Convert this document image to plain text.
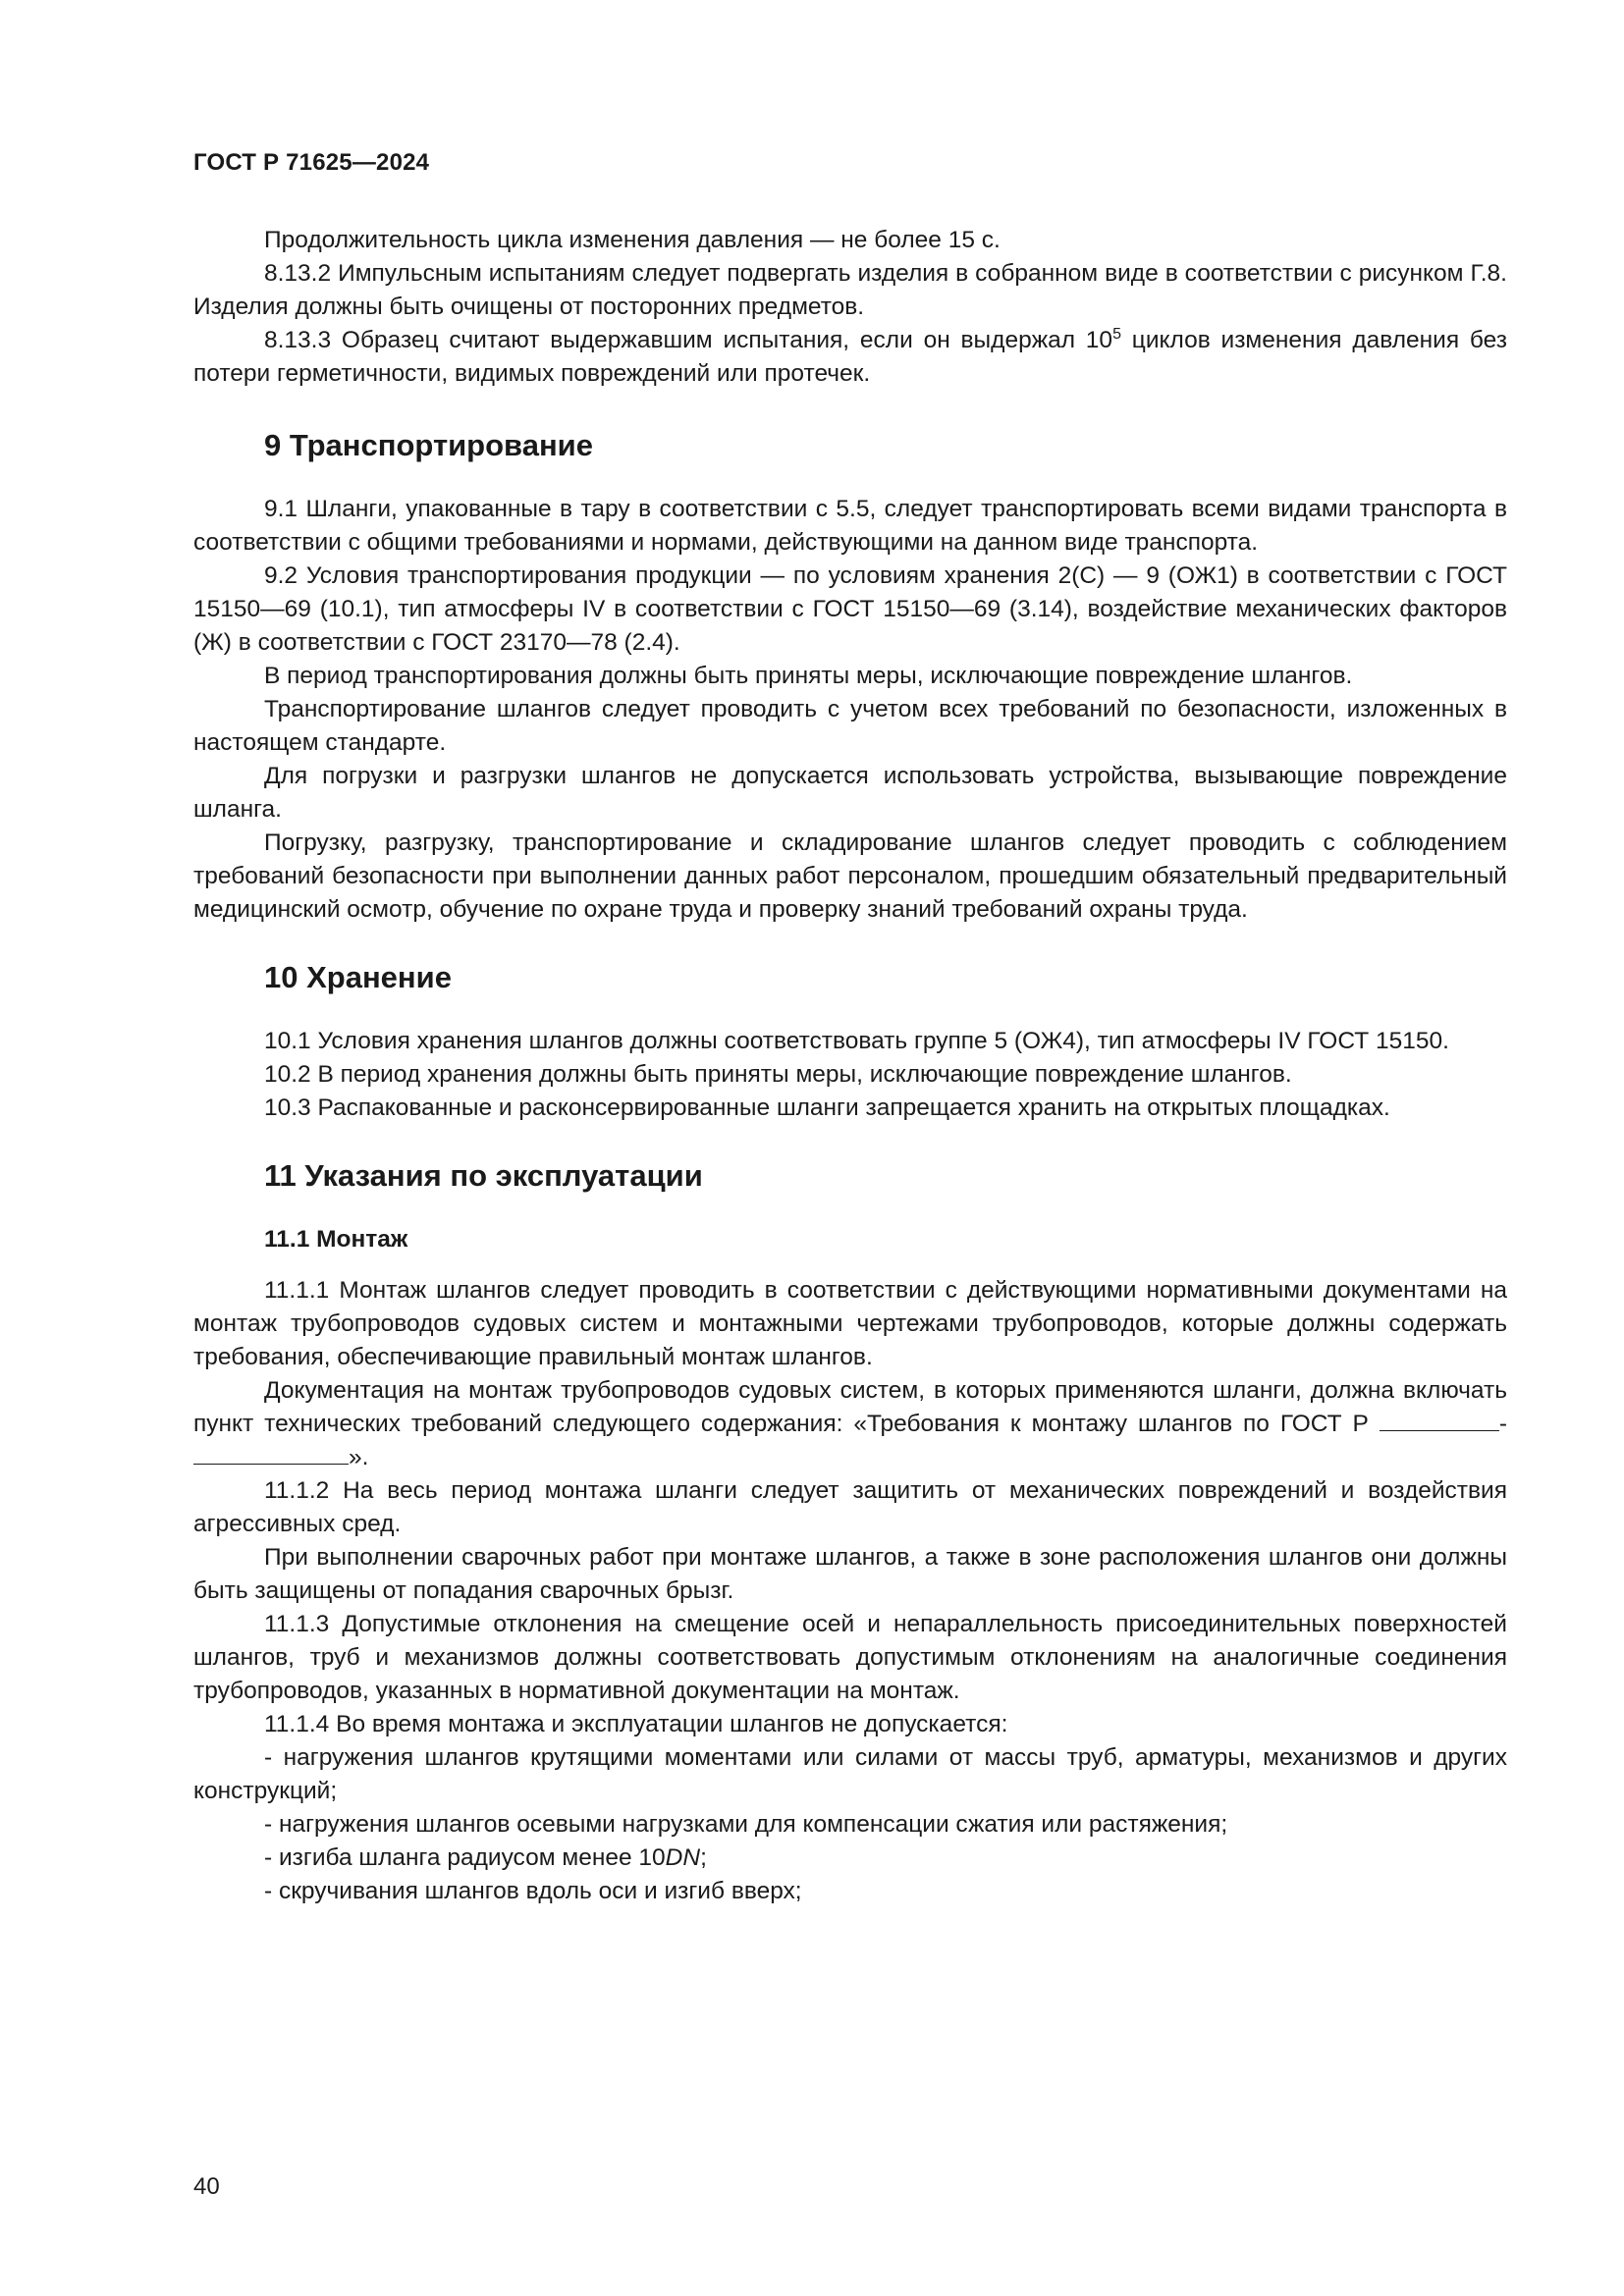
ГОСТ Р 71625—2024

Продолжительность цикла изменения давления — не более 15 с.

8.13.2 Импульсным испытаниям следует подвергать изделия в собранном виде в соответствии с рисунком Г.8. Изделия должны быть очищены от посторонних предметов.

8.13.3 Образец считают выдержавшим испытания, если он выдержал $10^5$ циклов изменения давления без потери герметичности, видимых повреждений или протечек.

9 Транспортирование

9.1 Шланги, упакованные в тару в соответствии с 5.5, следует транспортировать всеми видами транспорта в соответствии с общими требованиями и нормами, действующими на данном виде транспорта.

9.2 Условия транспортирования продукции — по условиям хранения 2(С) — 9 (ОЖ1) в соответствии с ГОСТ 15150—69 (10.1), тип атмосферы IV в соответствии с ГОСТ 15150—69 (3.14), воздействие механических факторов (Ж) в соответствии с ГОСТ 23170—78 (2.4).

В период транспортирования должны быть приняты меры, исключающие повреждение шлангов.

Транспортирование шлангов следует проводить с учетом всех требований по безопасности, изложенных в настоящем стандарте.

Для погрузки и разгрузки шлангов не допускается использовать устройства, вызывающие повреждение шланга.

Погрузку, разгрузку, транспортирование и складирование шлангов следует проводить с соблюдением требований безопасности при выполнении данных работ персоналом, прошедшим обязательный предварительный медицинский осмотр, обучение по охране труда и проверку знаний требований охраны труда.

10 Хранение

10.1 Условия хранения шлангов должны соответствовать группе 5 (ОЖ4), тип атмосферы IV ГОСТ 15150.

10.2 В период хранения должны быть приняты меры, исключающие повреждение шлангов.

10.3 Распакованные и расконсервированные шланги запрещается хранить на открытых площадках.

11 Указания по эксплуатации
11.1 Монтаж

11.1.1 Монтаж шлангов следует проводить в соответствии с действующими нормативными документами на монтаж трубопроводов судовых систем и монтажными чертежами трубопроводов, которые должны содержать требования, обеспечивающие правильный монтаж шлангов.

Документация на монтаж трубопроводов судовых систем, в которых применяются шланги, должна включать пункт технических требований следующего содержания: «Требования к монтажу шлангов по ГОСТ Р	-».

11.1.2 На весь период монтажа шланги следует защитить от механических повреждений и воздействия агрессивных сред.

При выполнении сварочных работ при монтаже шлангов, а также в зоне расположения шлангов они должны быть защищены от попадания сварочных брызг.

11.1.3 Допустимые отклонения на смещение осей и непараллельность присоединительных поверхностей шлангов, труб и механизмов должны соответствовать допустимым отклонениям на аналогичные соединения трубопроводов, указанных в нормативной документации на монтаж.

11.1.4 Во время монтажа и эксплуатации шлангов не допускается:

- нагружения шлангов крутящими моментами или силами от массы труб, арматуры, механизмов и других конструкций;

- нагружения шлангов осевыми нагрузками для компенсации сжатия или растяжения;

- изгиба шланга радиусом менее 10DN;

- скручивания шлангов вдоль оси и изгиб вверх;

40
